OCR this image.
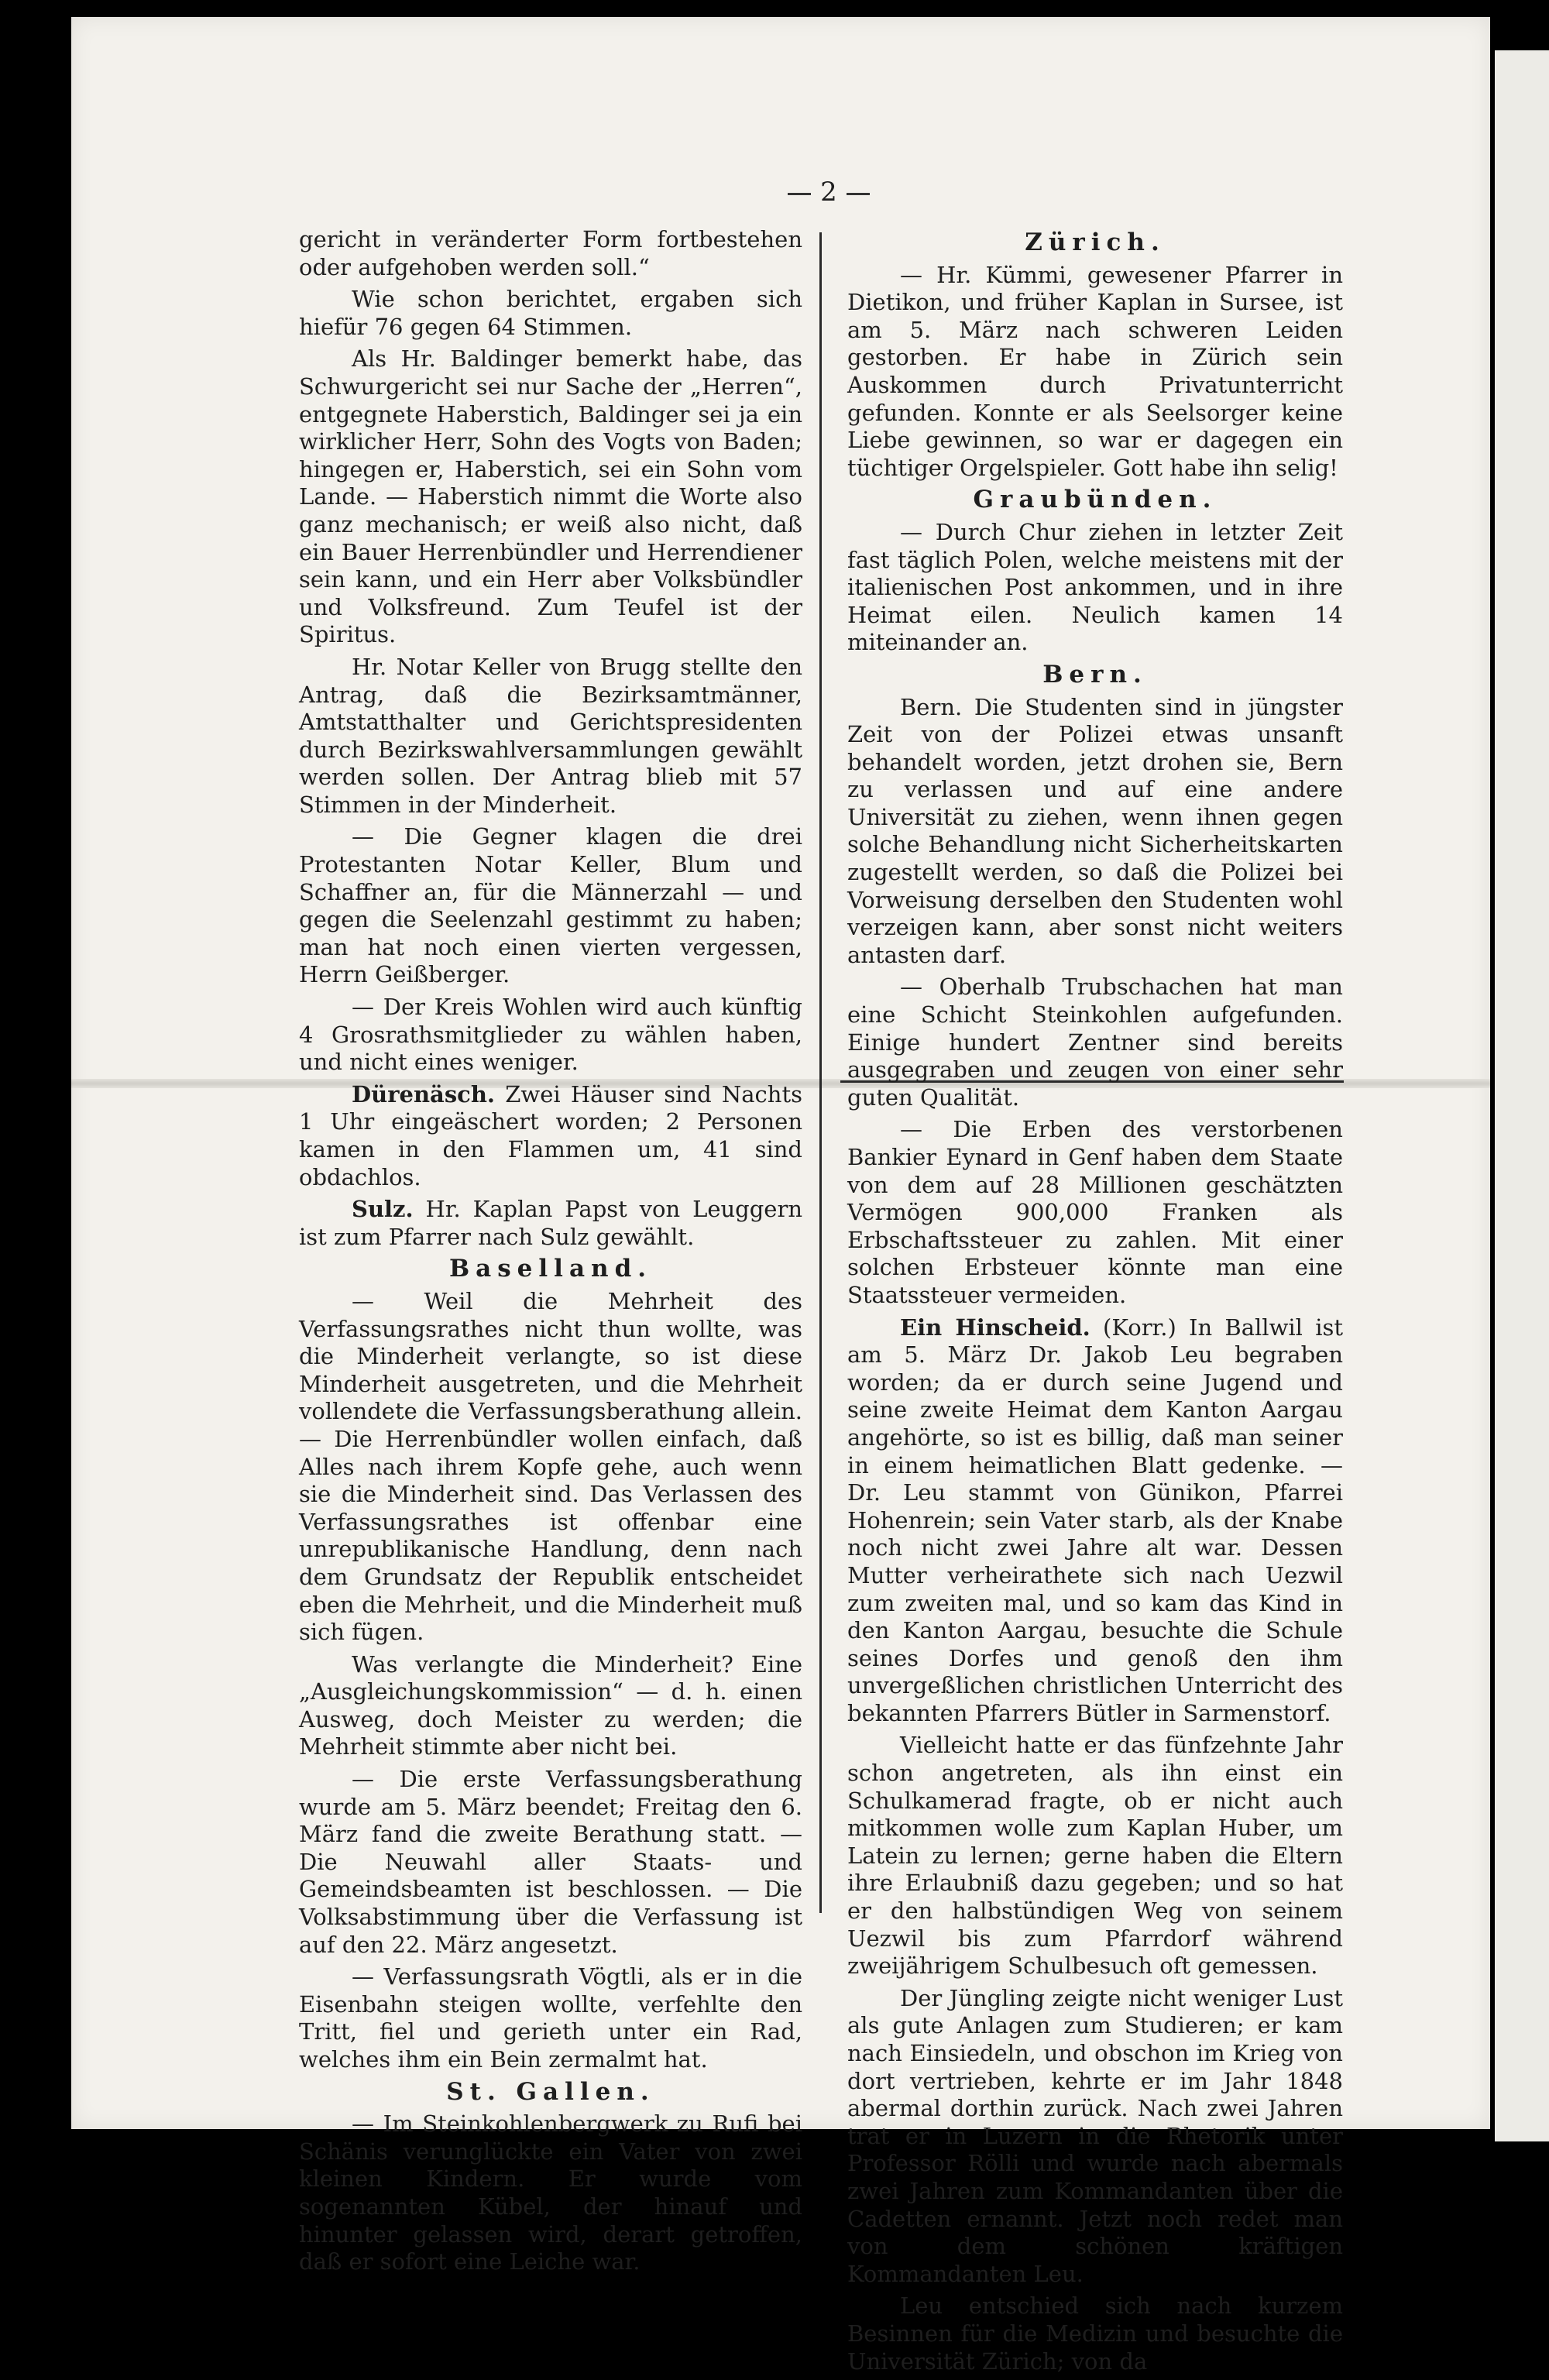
2

gericht in veränderter Form fortbestehen oder aufgehoben werden soll.“

Wie schon berichtet, ergaben sich hiefür 76 gegen 64 Stimmen.

Als Hr. Baldinger bemerkt habe, das Schwurgericht sei nur Sache der „Herren“, entgegnete Haberstich, Baldinger sei ja ein wirklicher Herr, Sohn des Vogts von Baden; hingegen er, Haberstich, sei ein Sohn vom Lande. — Haberstich nimmt die Worte also ganz mechanisch; er weiß also nicht, daß ein Bauer Herrenbündler und Herrendiener sein kann, und ein Herr aber Volksbündler und Volksfreund. Zum Teufel ist der Spiritus.

Hr. Notar Keller von Brugg stellte den Antrag, daß die Bezirksamtmänner, Amtstatthalter und Gerichtspresidenten durch Bezirkswahlversammlungen gewählt werden sollen. Der Antrag blieb mit 57 Stimmen in der Minderheit.

— Die Gegner klagen die drei Protestanten Notar Keller, Blum und Schaffner an, für die Männerzahl — und gegen die Seelenzahl gestimmt zu haben; man hat noch einen vierten vergessen, Herrn Geißberger.

— Der Kreis Wohlen wird auch künftig 4 Grosrathsmitglieder zu wählen haben, und nicht eines weniger.

Dürenäsch. Zwei Häuser sind Nachts 1 Uhr eingeäschert worden; 2 Personen kamen in den Flammen um, 41 sind obdachlos.

Sulz. Hr. Kaplan Papst von Leuggern ist zum Pfarrer nach Sulz gewählt.

Baselland.

— Weil die Mehrheit des Verfassungsrathes nicht thun wollte, was die Minderheit verlangte, so ist diese Minderheit ausgetreten, und die Mehrheit vollendete die Verfassungsberathung allein. — Die Herrenbündler wollen einfach, daß Alles nach ihrem Kopfe gehe, auch wenn sie die Minderheit sind. Das Verlassen des Verfassungsrathes ist offenbar eine unrepublikanische Handlung, denn nach dem Grundsatz der Republik entscheidet eben die Mehrheit, und die Minderheit muß sich fügen.

Was verlangte die Minderheit? Eine „Ausgleichungskommission“ — d. h. einen Ausweg, doch Meister zu werden; die Mehrheit stimmte aber nicht bei.

— Die erste Verfassungsberathung wurde am 5. März beendet; Freitag den 6. März fand die zweite Berathung statt. — Die Neuwahl aller Staats- und Gemeindsbeamten ist beschlossen. — Die Volksabstimmung über die Verfassung ist auf den 22. März angesetzt.

— Verfassungsrath Vögtli, als er in die Eisenbahn steigen wollte, verfehlte den Tritt, fiel und gerieth unter ein Rad, welches ihm ein Bein zermalmt hat.

St. Gallen.

— Im Steinkohlenbergwerk zu Rufi bei Schänis verunglückte ein Vater von zwei kleinen Kindern. Er wurde vom sogenannten Kübel, der hinauf und hinunter gelassen wird, derart getroffen, daß er sofort eine Leiche war.

Zürich.

— Hr. Kümmi, gewesener Pfarrer in Dietikon, und früher Kaplan in Sursee, ist am 5. März nach schweren Leiden gestorben. Er habe in Zürich sein Auskommen durch Privatunterricht gefunden. Konnte er als Seelsorger keine Liebe gewinnen, so war er dagegen ein tüchtiger Orgelspieler. Gott habe ihn selig!

Graubünden.

— Durch Chur ziehen in letzter Zeit fast täglich Polen, welche meistens mit der italienischen Post ankommen, und in ihre Heimat eilen. Neulich kamen 14 miteinander an.

Bern.

Bern. Die Studenten sind in jüngster Zeit von der Polizei etwas unsanft behandelt worden, jetzt drohen sie, Bern zu verlassen und auf eine andere Universität zu ziehen, wenn ihnen gegen solche Behandlung nicht Sicherheitskarten zugestellt werden, so daß die Polizei bei Vorweisung derselben den Studenten wohl verzeigen kann, aber sonst nicht weiters antasten darf.

— Oberhalb Trubschachen hat man eine Schicht Steinkohlen aufgefunden. Einige hundert Zentner sind bereits ausgegraben und zeugen von einer sehr guten Qualität.

— Die Erben des verstorbenen Bankier Eynard in Genf haben dem Staate von dem auf 28 Millionen geschätzten Vermögen 900,000 Franken als Erbschaftssteuer zu zahlen. Mit einer solchen Erbsteuer könnte man eine Staatssteuer vermeiden.

Ein Hinscheid. (Korr.) In Ballwil ist am 5. März Dr. Jakob Leu begraben worden; da er durch seine Jugend und seine zweite Heimat dem Kanton Aargau angehörte, so ist es billig, daß man seiner in einem heimatlichen Blatt gedenke. — Dr. Leu stammt von Günikon, Pfarrei Hohenrein; sein Vater starb, als der Knabe noch nicht zwei Jahre alt war. Dessen Mutter verheirathete sich nach Uezwil zum zweiten mal, und so kam das Kind in den Kanton Aargau, besuchte die Schule seines Dorfes und genoß den ihm unvergeßlichen christlichen Unterricht des bekannten Pfarrers Bütler in Sarmenstorf.

Vielleicht hatte er das fünfzehnte Jahr schon angetreten, als ihn einst ein Schulkamerad fragte, ob er nicht auch mitkommen wolle zum Kaplan Huber, um Latein zu lernen; gerne haben die Eltern ihre Erlaubniß dazu gegeben; und so hat er den halbstündigen Weg von seinem Uezwil bis zum Pfarrdorf während zweijährigem Schulbesuch oft gemessen.

Der Jüngling zeigte nicht weniger Lust als gute Anlagen zum Studieren; er kam nach Einsiedeln, und obschon im Krieg von dort vertrieben, kehrte er im Jahr 1848 abermal dorthin zurück. Nach zwei Jahren trat er in Luzern in die Rhetorik unter Professor Rölli und wurde nach abermals zwei Jahren zum Kommandanten über die Cadetten ernannt. Jetzt noch redet man von dem schönen kräftigen Kommandanten Leu.

Leu entschied sich nach kurzem Besinnen für die Medizin und besuchte die Universität Zürich; von da
